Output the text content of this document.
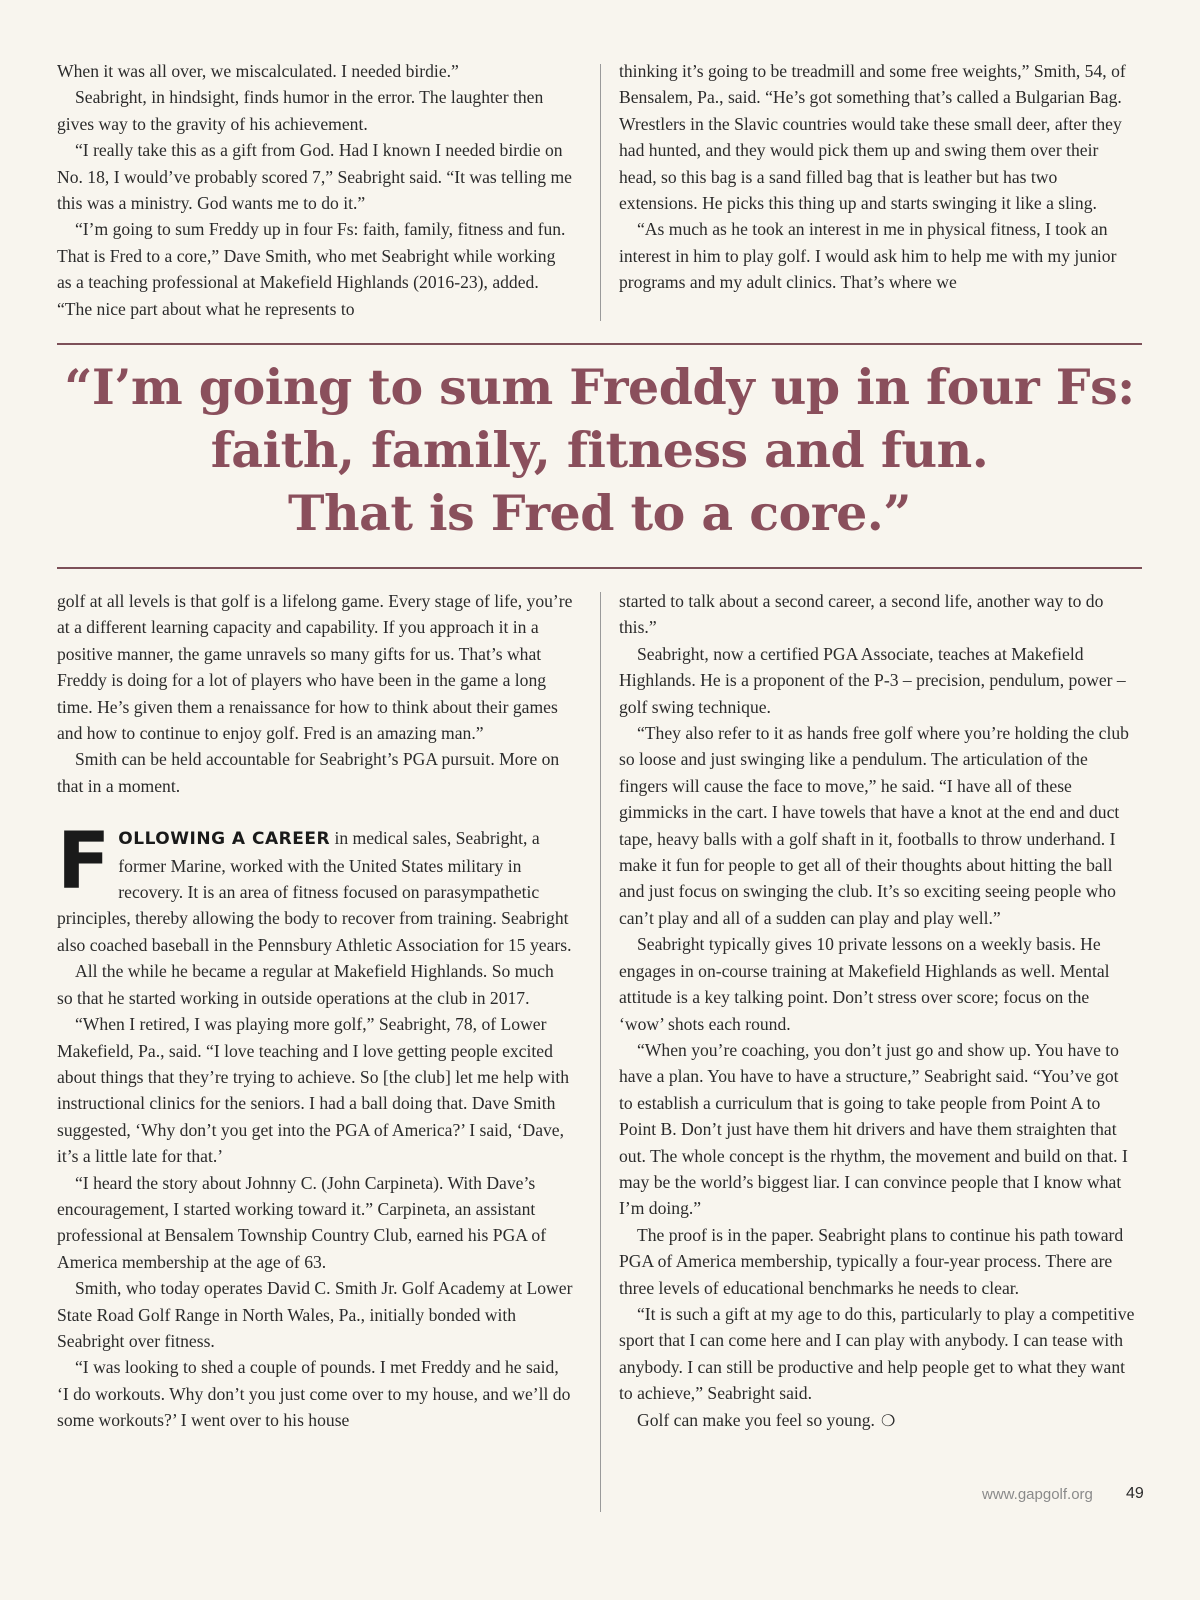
When it was all over, we miscalculated. I needed birdie.”

Seabright, in hindsight, finds humor in the error. The laughter then gives way to the gravity of his achievement.

“I really take this as a gift from God. Had I known I needed birdie on No. 18, I would’ve probably scored 7,” Seabright said. “It was telling me this was a ministry. God wants me to do it.”

“I’m going to sum Freddy up in four Fs: faith, family, fitness and fun. That is Fred to a core,” Dave Smith, who met Seabright while working as a teaching professional at Makefield Highlands (2016-23), added. “The nice part about what he represents to

thinking it’s going to be treadmill and some free weights,” Smith, 54, of Bensalem, Pa., said. “He’s got something that’s called a Bulgarian Bag. Wrestlers in the Slavic countries would take these small deer, after they had hunted, and they would pick them up and swing them over their head, so this bag is a sand filled bag that is leather but has two extensions. He picks this thing up and starts swinging it like a sling.

“As much as he took an interest in me in physical fitness, I took an interest in him to play golf. I would ask him to help me with my junior programs and my adult clinics. That’s where we

“I’m going to sum Freddy up in four Fs:
faith, family, fitness and fun.
That is Fred to a core.”

golf at all levels is that golf is a lifelong game. Every stage of life, you’re at a different learning capacity and capability. If you approach it in a positive manner, the game unravels so many gifts for us. That’s what Freddy is doing for a lot of players who have been in the game a long time. He’s given them a renaissance for how to think about their games and how to continue to enjoy golf. Fred is an amazing man.”

Smith can be held accountable for Seabright’s PGA pursuit. More on that in a moment.

FOLLOWING A CAREER in medical sales, Seabright, a former Marine, worked with the United States military in recovery. It is an area of fitness focused on parasympathetic principles, thereby allowing the body to recover from training. Seabright also coached baseball in the Pennsbury Athletic Association for 15 years.

All the while he became a regular at Makefield Highlands. So much so that he started working in outside operations at the club in 2017.

“When I retired, I was playing more golf,” Seabright, 78, of Lower Makefield, Pa., said. “I love teaching and I love getting people excited about things that they’re trying to achieve. So [the club] let me help with instructional clinics for the seniors. I had a ball doing that. Dave Smith suggested, ‘Why don’t you get into the PGA of America?’ I said, ‘Dave, it’s a little late for that.’

“I heard the story about Johnny C. (John Carpineta). With Dave’s encouragement, I started working toward it.” Carpineta, an assistant professional at Bensalem Township Country Club, earned his PGA of America membership at the age of 63.

Smith, who today operates David C. Smith Jr. Golf Academy at Lower State Road Golf Range in North Wales, Pa., initially bonded with Seabright over fitness.

“I was looking to shed a couple of pounds. I met Freddy and he said, ‘I do workouts. Why don’t you just come over to my house, and we’ll do some workouts?’ I went over to his house

started to talk about a second career, a second life, another way to do this.”

Seabright, now a certified PGA Associate, teaches at Makefield Highlands. He is a proponent of the P-3 – precision, pendulum, power – golf swing technique.

“They also refer to it as hands free golf where you’re holding the club so loose and just swinging like a pendulum. The articulation of the fingers will cause the face to move,” he said. “I have all of these gimmicks in the cart. I have towels that have a knot at the end and duct tape, heavy balls with a golf shaft in it, footballs to throw underhand. I make it fun for people to get all of their thoughts about hitting the ball and just focus on swinging the club. It’s so exciting seeing people who can’t play and all of a sudden can play and play well.”

Seabright typically gives 10 private lessons on a weekly basis. He engages in on-course training at Makefield Highlands as well. Mental attitude is a key talking point. Don’t stress over score; focus on the ‘wow’ shots each round.

“When you’re coaching, you don’t just go and show up. You have to have a plan. You have to have a structure,” Seabright said. “You’ve got to establish a curriculum that is going to take people from Point A to Point B. Don’t just have them hit drivers and have them straighten that out. The whole concept is the rhythm, the movement and build on that. I may be the world’s biggest liar. I can convince people that I know what I’m doing.”

The proof is in the paper. Seabright plans to continue his path toward PGA of America membership, typically a four-year process. There are three levels of educational benchmarks he needs to clear.

“It is such a gift at my age to do this, particularly to play a competitive sport that I can come here and I can play with anybody. I can tease with anybody. I can still be productive and help people get to what they want to achieve,” Seabright said.

Golf can make you feel so young. ❍

www.gapgolf.org 49
